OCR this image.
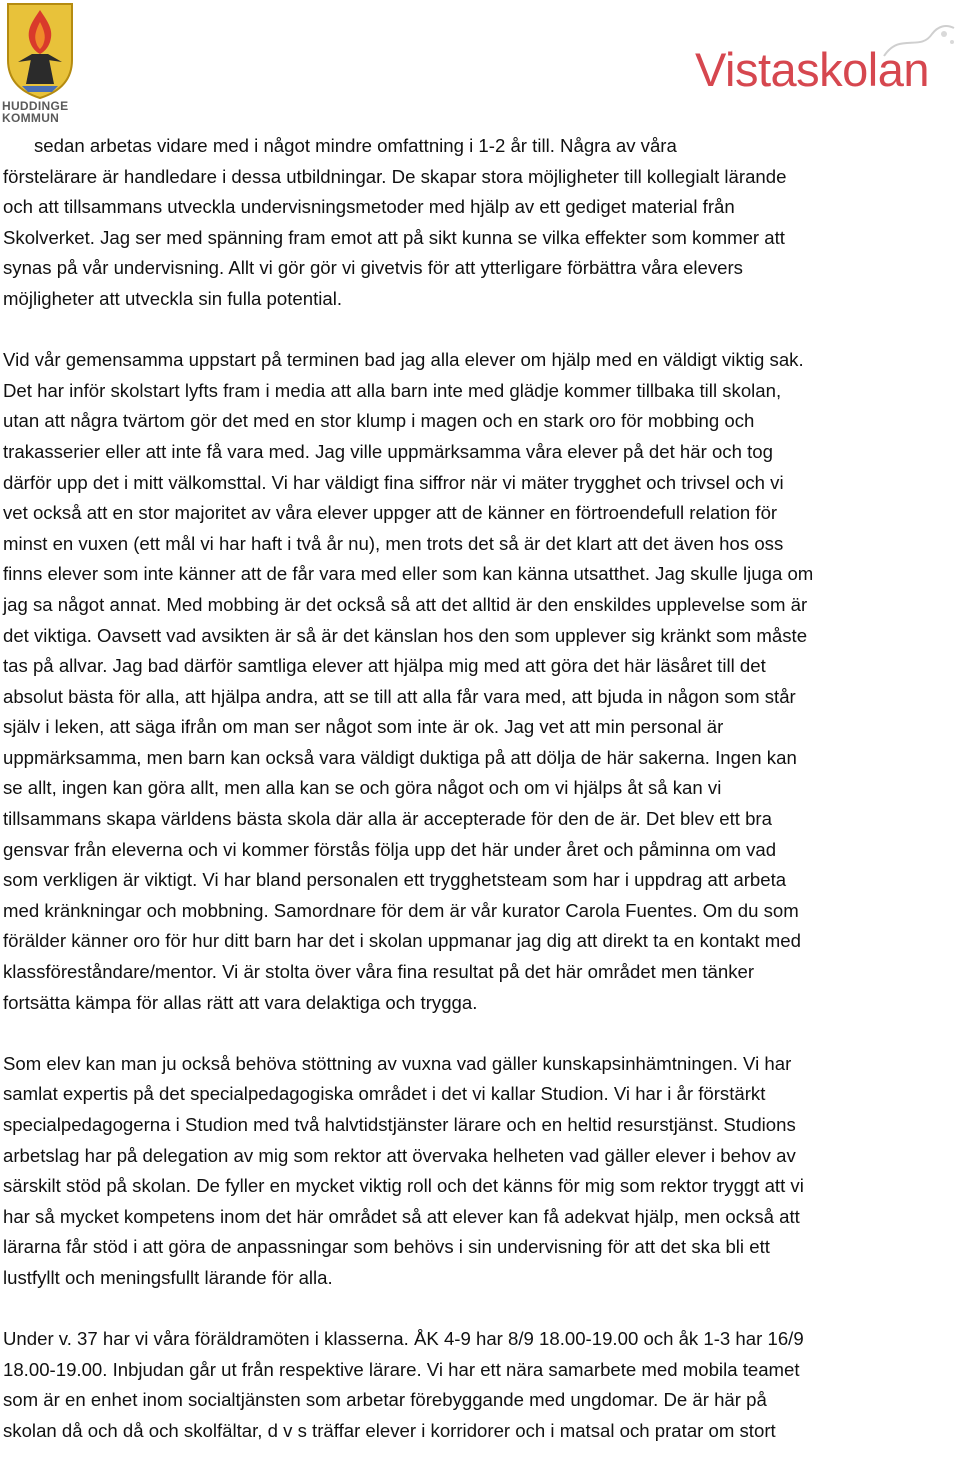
HUDDINGE
KOMMUN
Vistaskolan

sedan arbetas vidare med i något mindre omfattning i 1-2 år till. Några av våra
förstelärare är handledare i dessa utbildningar. De skapar stora möjligheter till kollegialt lärande
och att tillsammans utveckla undervisningsmetoder med hjälp av ett gediget material från
Skolverket. Jag ser med spänning fram emot att på sikt kunna se vilka effekter som kommer att
synas på vår undervisning. Allt vi gör gör vi givetvis för att ytterligare förbättra våra elevers
möjligheter att utveckla sin fulla potential.

Vid vår gemensamma uppstart på terminen bad jag alla elever om hjälp med en väldigt viktig sak.
Det har inför skolstart lyfts fram i media att alla barn inte med glädje kommer tillbaka till skolan,
utan att några tvärtom gör det med en stor klump i magen och en stark oro för mobbing och
trakasserier eller att inte få vara med. Jag ville uppmärksamma våra elever på det här och tog
därför upp det i mitt välkomsttal. Vi har väldigt fina siffror när vi mäter trygghet och trivsel och vi
vet också att en stor majoritet av våra elever uppger att de känner en förtroendefull relation för
minst en vuxen (ett mål vi har haft i två år nu), men trots det så är det klart att det även hos oss
finns elever som inte känner att de får vara med eller som kan känna utsatthet. Jag skulle ljuga om
jag sa något annat. Med mobbing är det också så att det alltid är den enskildes upplevelse som är
det viktiga. Oavsett vad avsikten är så är det känslan hos den som upplever sig kränkt som måste
tas på allvar. Jag bad därför samtliga elever att hjälpa mig med att göra det här läsåret till det
absolut bästa för alla, att hjälpa andra, att se till att alla får vara med, att bjuda in någon som står
själv i leken, att säga ifrån om man ser något som inte är ok. Jag vet att min personal är
uppmärksamma, men barn kan också vara väldigt duktiga på att dölja de här sakerna. Ingen kan
se allt, ingen kan göra allt, men alla kan se och göra något och om vi hjälps åt så kan vi
tillsammans skapa världens bästa skola där alla är accepterade för den de är. Det blev ett bra
gensvar från eleverna och vi kommer förstås följa upp det här under året och påminna om vad
som verkligen är viktigt. Vi har bland personalen ett trygghetsteam som har i uppdrag att arbeta
med kränkningar och mobbning. Samordnare för dem är vår kurator Carola Fuentes. Om du som
förälder känner oro för hur ditt barn har det i skolan uppmanar jag dig att direkt ta en kontakt med
klassföreståndare/mentor. Vi är stolta över våra fina resultat på det här området men tänker
fortsätta kämpa för allas rätt att vara delaktiga och trygga.

Som elev kan man ju också behöva stöttning av vuxna vad gäller kunskapsinhämtningen. Vi har
samlat expertis på det specialpedagogiska området i det vi kallar Studion. Vi har i år förstärkt
specialpedagogerna i Studion med två halvtidstjänster lärare och en heltid resurstjänst. Studions
arbetslag har på delegation av mig som rektor att övervaka helheten vad gäller elever i behov av
särskilt stöd på skolan. De fyller en mycket viktig roll och det känns för mig som rektor tryggt att vi
har så mycket kompetens inom det här området så att elever kan få adekvat hjälp, men också att
lärarna får stöd i att göra de anpassningar som behövs i sin undervisning för att det ska bli ett
lustfyllt och meningsfullt lärande för alla.

Under v. 37 har vi våra föräldramöten i klasserna. ÅK 4-9 har 8/9 18.00-19.00 och åk 1-3 har 16/9
18.00-19.00. Inbjudan går ut från respektive lärare. Vi har ett nära samarbete med mobila teamet
som är en enhet inom socialtjänsten som arbetar förebyggande med ungdomar. De är här på
skolan då och då och skolfältar, d v s träffar elever i korridorer och i matsal och pratar om stort
